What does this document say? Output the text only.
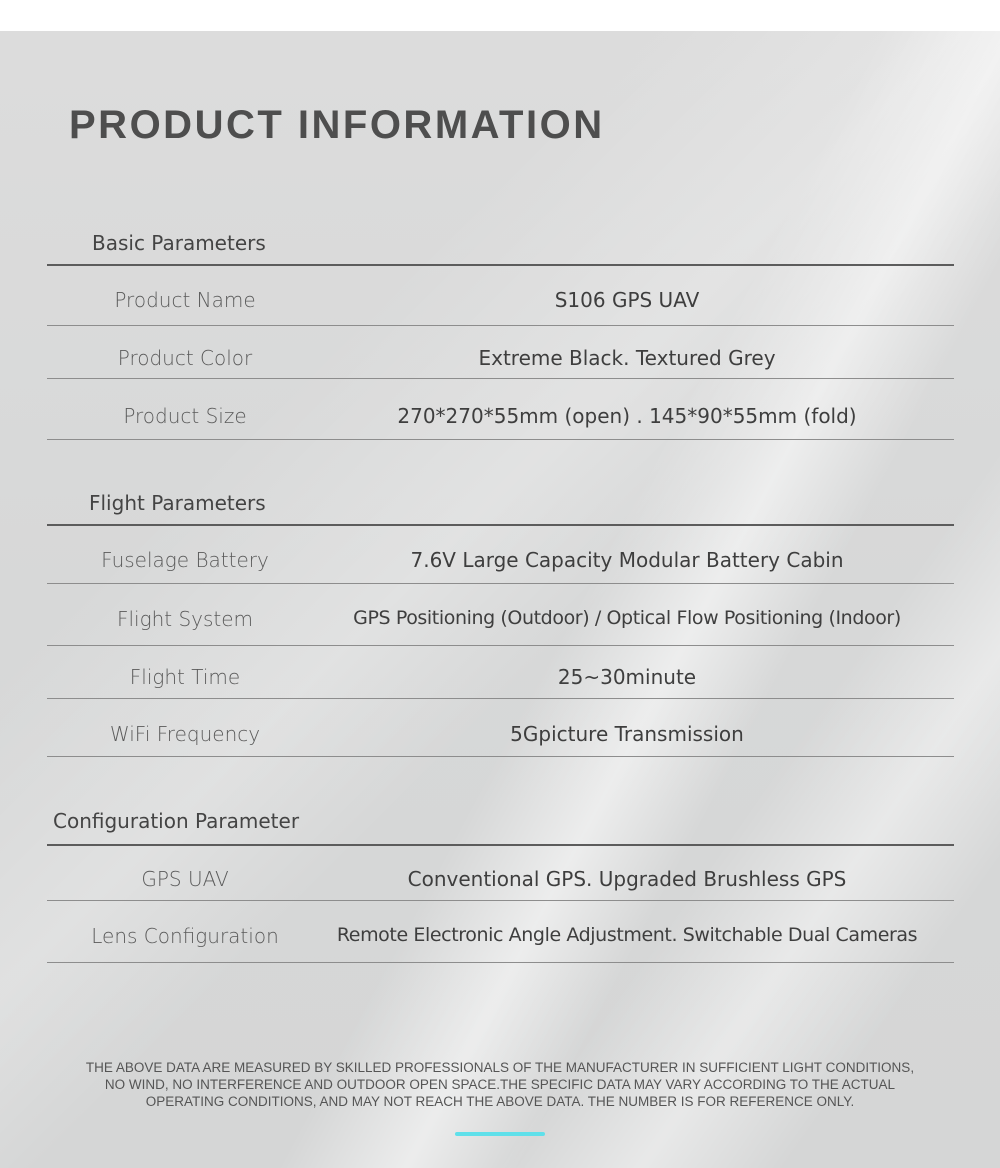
PRODUCT INFORMATION
Basic Parameters
Product Name	S106 GPS UAV
Product Color	Extreme Black. Textured Grey
Product Size	270*270*55mm (open) . 145*90*55mm (fold)
Flight Parameters
Fuselage Battery	7.6V Large Capacity Modular Battery Cabin
Flight System	GPS Positioning (Outdoor) / Optical Flow Positioning (Indoor)
Flight Time	25~30minute
WiFi Frequency	5Gpicture Transmission
Configuration Parameter
GPS UAV	Conventional GPS. Upgraded Brushless GPS
Lens Configuration	Remote Electronic Angle Adjustment. Switchable Dual Cameras

THE ABOVE DATA ARE MEASURED BY SKILLED PROFESSIONALS OF THE MANUFACTURER IN SUFFICIENT LIGHT CONDITIONS,
NO WIND, NO INTERFERENCE AND OUTDOOR OPEN SPACE.THE SPECIFIC DATA MAY VARY ACCORDING TO THE ACTUAL
OPERATING CONDITIONS, AND MAY NOT REACH THE ABOVE DATA. THE NUMBER IS FOR REFERENCE ONLY.
